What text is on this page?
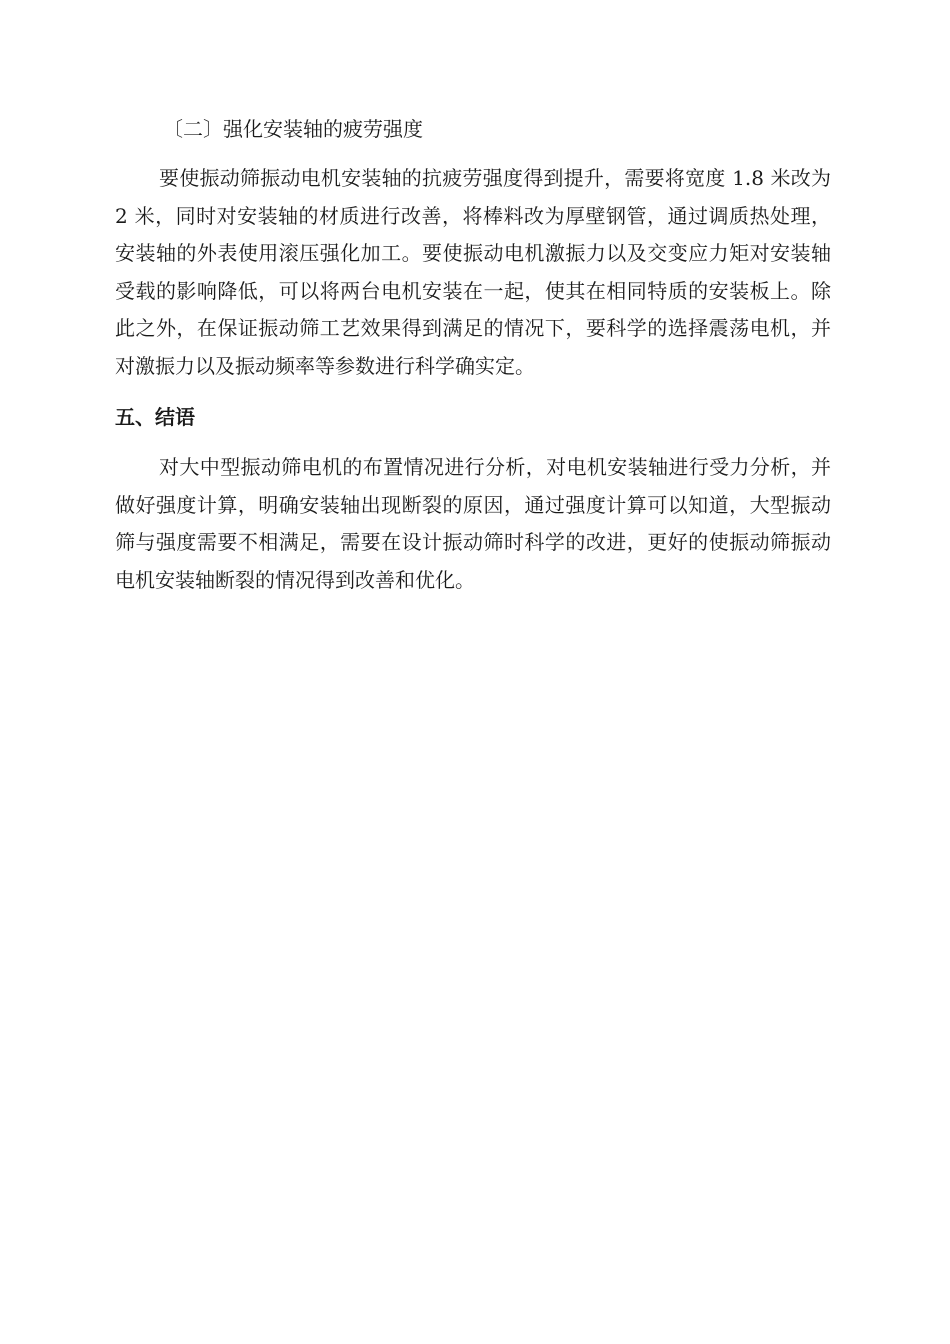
〔二〕强化安装轴的疲劳强度

要使振动筛振动电机安装轴的抗疲劳强度得到提升，需要将宽度 1.8 米改为 2 米，同时对安装轴的材质进行改善，将棒料改为厚壁钢管，通过调质热处理，安装轴的外表使用滚压强化加工。要使振动电机激振力以及交变应力矩对安装轴受载的影响降低，可以将两台电机安装在一起，使其在相同特质的安装板上。除此之外，在保证振动筛工艺效果得到满足的情况下，要科学的选择震荡电机，并对激振力以及振动频率等参数进行科学确实定。

五、结语

对大中型振动筛电机的布置情况进行分析，对电机安装轴进行受力分析，并做好强度计算，明确安装轴出现断裂的原因，通过强度计算可以知道，大型振动筛与强度需要不相满足，需要在设计振动筛时科学的改进，更好的使振动筛振动电机安装轴断裂的情况得到改善和优化。
